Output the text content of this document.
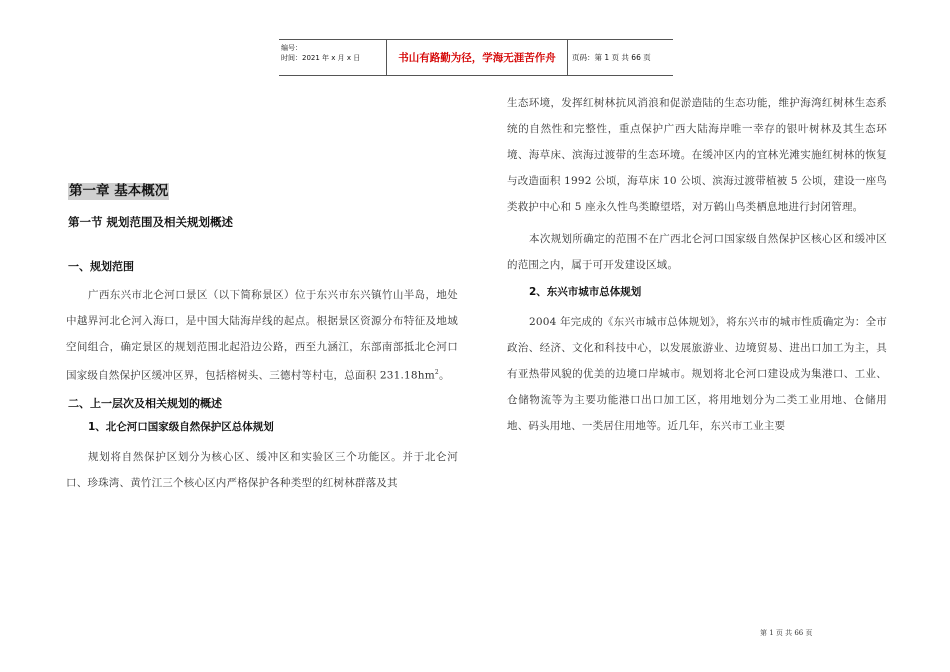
编号：
时间：2021 年 x 月 x 日	书山有路勤为径，学海无涯苦作舟	页码：第 1 页 共 66 页
第一章 基本概况
第一节 规划范围及相关规划概述
一、规划范围

广西东兴市北仑河口景区（以下简称景区）位于东兴市东兴镇竹山半岛，地处中越界河北仑河入海口，是中国大陆海岸线的起点。根据景区资源分布特征及地域空间组合，确定景区的规划范围北起沿边公路，西至九涵江，东部南部抵北仑河口国家级自然保护区缓冲区界，包括榕树头、三德村等村屯，总面积 $231.18hm^2$。

二、上一层次及相关规划的概述
1、北仑河口国家级自然保护区总体规划

规划将自然保护区划分为核心区、缓冲区和实验区三个功能区。并于北仑河口、珍珠湾、黄竹江三个核心区内严格保护各种类型的红树林群落及其

生态环境，发挥红树林抗风消浪和促淤造陆的生态功能，维护海湾红树林生态系统的自然性和完整性，重点保护广西大陆海岸唯一幸存的银叶树林及其生态环境、海草床、滨海过渡带的生态环境。在缓冲区内的宜林光滩实施红树林的恢复与改造面积 1992 公顷，海草床 10 公顷、滨海过渡带植被 5 公顷，建设一座鸟类救护中心和 5 座永久性鸟类瞭望塔，对万鹤山鸟类栖息地进行封闭管理。

本次规划所确定的范围不在广西北仑河口国家级自然保护区核心区和缓冲区的范围之内，属于可开发建设区域。

2、东兴市城市总体规划

2004 年完成的《东兴市城市总体规划》，将东兴市的城市性质确定为：全市政治、经济、文化和科技中心，以发展旅游业、边境贸易、进出口加工为主，具有亚热带风貌的优美的边境口岸城市。规划将北仑河口建设成为集港口、工业、仓储物流等为主要功能港口出口加工区，将用地划分为二类工业用地、仓储用地、码头用地、一类居住用地等。近几年，东兴市工业主要

第 1 页 共 66 页
